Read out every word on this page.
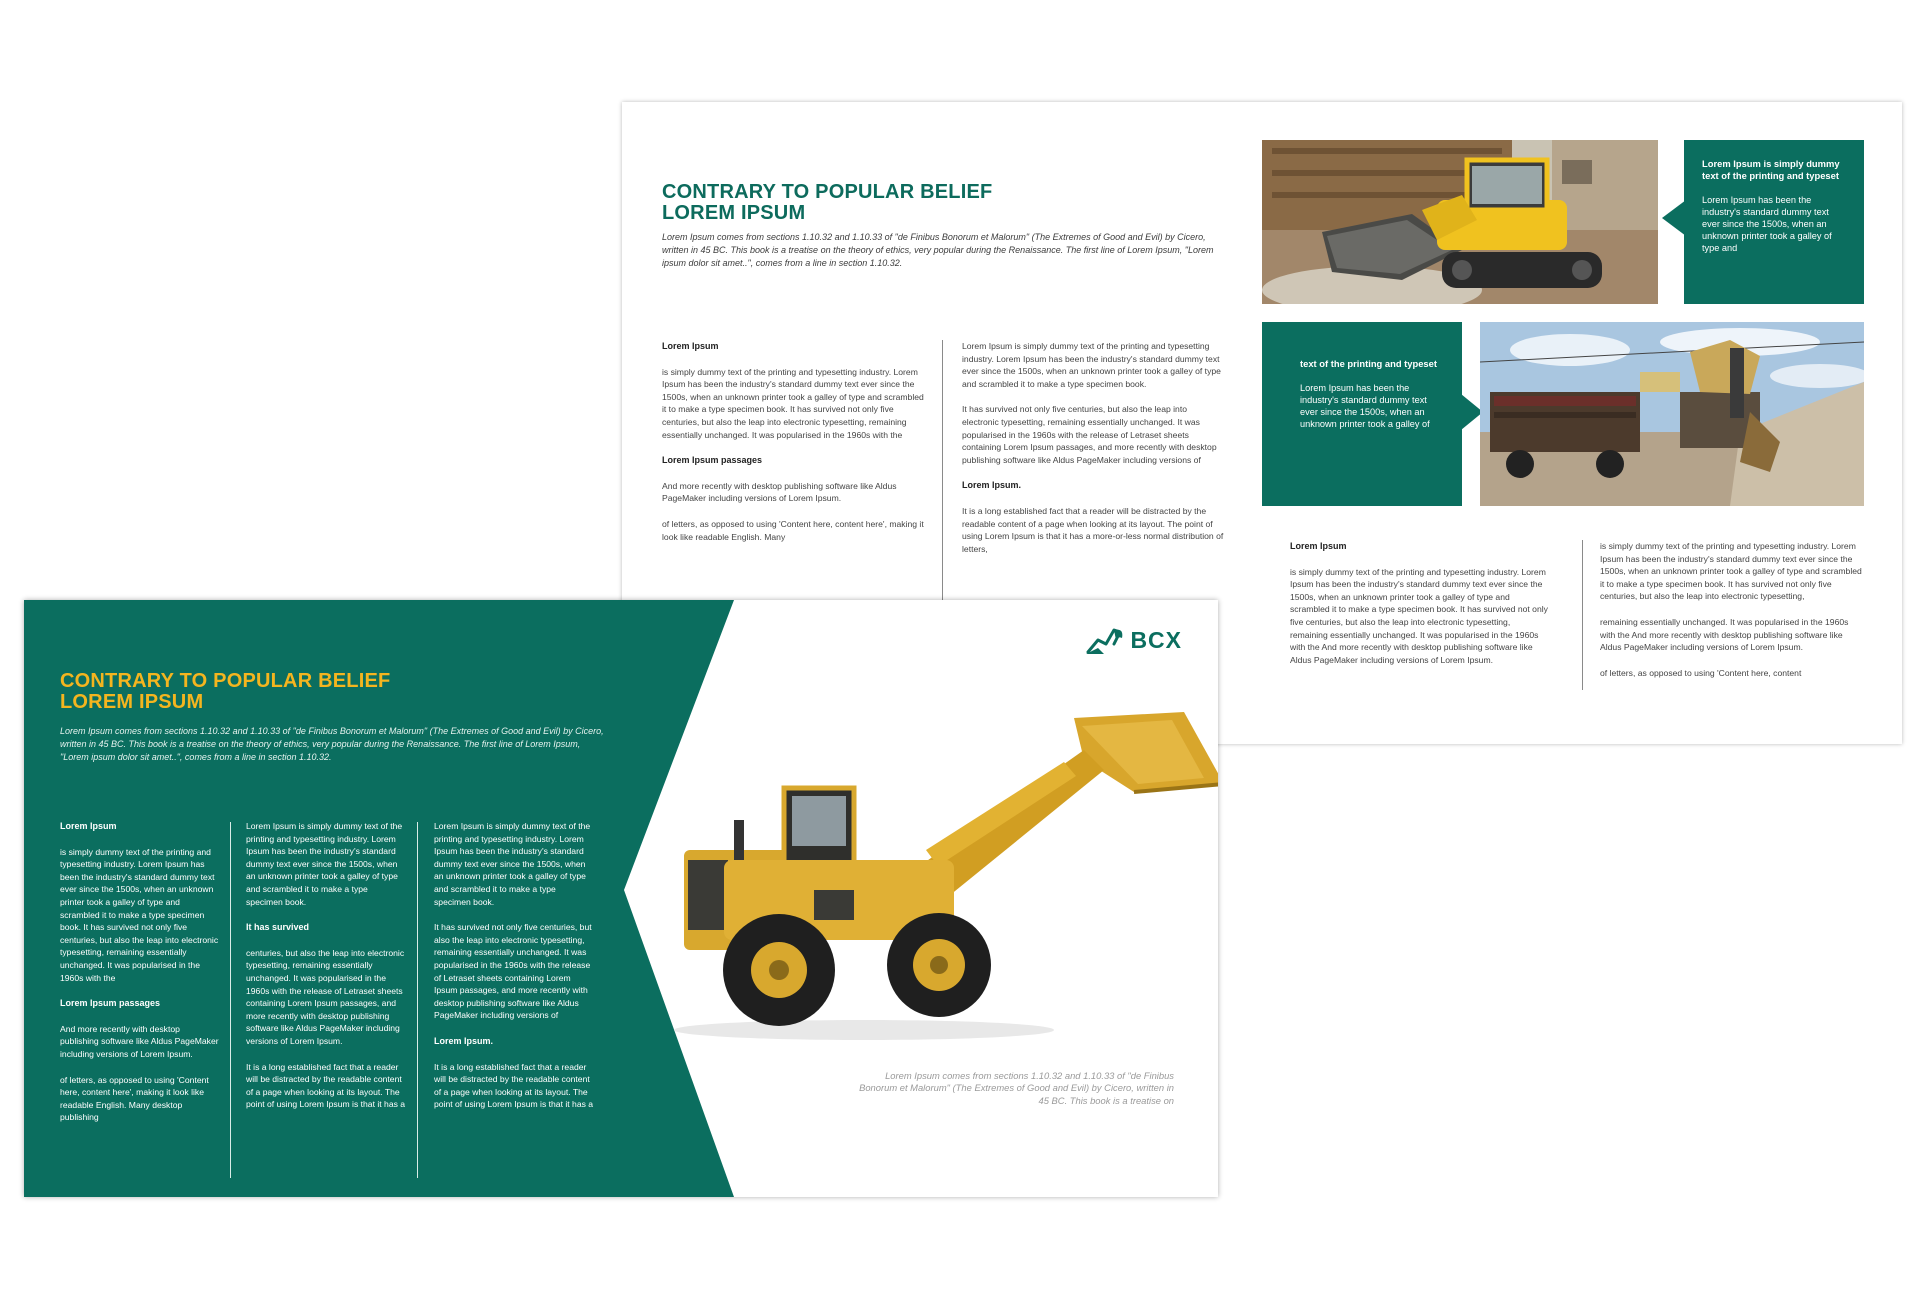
CONTRARY TO POPULAR BELIEF
LOREM IPSUM

Lorem Ipsum comes from sections 1.10.32 and 1.10.33 of "de Finibus Bonorum et Malorum" (The Extremes of Good and Evil) by Cicero, written in 45 BC. This book is a treatise on the theory of ethics, very popular during the Renaissance. The first line of Lorem Ipsum, "Lorem ipsum dolor sit amet..", comes from a line in section 1.10.32.

Lorem Ipsum

is simply dummy text of the printing and typesetting industry. Lorem Ipsum has been the industry's standard dummy text ever since the 1500s, when an unknown printer took a galley of type and scrambled it to make a type specimen book. It has survived not only five centuries, but also the leap into electronic typesetting, remaining essentially unchanged. It was popularised in the 1960s with the

Lorem Ipsum passages

And more recently with desktop publishing software like Aldus PageMaker including versions of Lorem Ipsum.

of letters, as opposed to using 'Content here, content here', making it look like readable English. Many

Lorem Ipsum is simply dummy text of the printing and typesetting industry. Lorem Ipsum has been the industry's standard dummy text ever since the 1500s, when an unknown printer took a galley of type and scrambled it to make a type specimen book.

It has survived not only five centuries, but also the leap into electronic typesetting, remaining essentially unchanged. It was popularised in the 1960s with the release of Letraset sheets containing Lorem Ipsum passages, and more recently with desktop publishing software like Aldus PageMaker including versions of

Lorem Ipsum.

It is a long established fact that a reader will be distracted by the readable content of a page when looking at its layout. The point of using Lorem Ipsum is that it has a more-or-less normal distribution of letters,

Lorem Ipsum is simply dummy text of the printing and typeset

Lorem Ipsum has been the industry's standard dummy text ever since the 1500s, when an unknown printer took a galley of type and

text of the printing and typeset

Lorem Ipsum has been the industry's standard dummy text ever since the 1500s, when an unknown printer took a galley of

Lorem Ipsum

is simply dummy text of the printing and typesetting industry. Lorem Ipsum has been the industry's standard dummy text ever since the 1500s, when an unknown printer took a galley of type and scrambled it to make a type specimen book. It has survived not only five centuries, but also the leap into electronic typesetting, remaining essentially unchanged. It was popularised in the 1960s with the And more recently with desktop publishing software like Aldus PageMaker including versions of Lorem Ipsum.

is simply dummy text of the printing and typesetting industry. Lorem Ipsum has been the industry's standard dummy text ever since the 1500s, when an unknown printer took a galley of type and scrambled it to make a type specimen book. It has survived not only five centuries, but also the leap into electronic typesetting,

remaining essentially unchanged. It was popularised in the 1960s with the And more recently with desktop publishing software like Aldus PageMaker including versions of Lorem Ipsum.

of letters, as opposed to using 'Content here, content

CONTRARY TO POPULAR BELIEF
LOREM IPSUM

Lorem Ipsum comes from sections 1.10.32 and 1.10.33 of "de Finibus Bonorum et Malorum" (The Extremes of Good and Evil) by Cicero, written in 45 BC. This book is a treatise on the theory of ethics, very popular during the Renaissance. The first line of Lorem Ipsum, "Lorem ipsum dolor sit amet..", comes from a line in section 1.10.32.

Lorem Ipsum

is simply dummy text of the printing and typesetting industry. Lorem Ipsum has been the industry's standard dummy text ever since the 1500s, when an unknown printer took a galley of type and scrambled it to make a type specimen book. It has survived not only five centuries, but also the leap into electronic typesetting, remaining essentially unchanged. It was popularised in the 1960s with the

Lorem Ipsum passages

And more recently with desktop publishing software like Aldus PageMaker including versions of Lorem Ipsum.

of letters, as opposed to using 'Content here, content here', making it look like readable English. Many desktop publishing

Lorem Ipsum is simply dummy text of the printing and typesetting industry. Lorem Ipsum has been the industry's standard dummy text ever since the 1500s, when an unknown printer took a galley of type and scrambled it to make a type specimen book.

It has survived

centuries, but also the leap into electronic typesetting, remaining essentially unchanged. It was popularised in the 1960s with the release of Letraset sheets containing Lorem Ipsum passages, and more recently with desktop publishing software like Aldus PageMaker including versions of Lorem Ipsum.

It is a long established fact that a reader will be distracted by the readable content of a page when looking at its layout. The point of using Lorem Ipsum is that it has a

Lorem Ipsum is simply dummy text of the printing and typesetting industry. Lorem Ipsum has been the industry's standard dummy text ever since the 1500s, when an unknown printer took a galley of type and scrambled it to make a type specimen book.

It has survived not only five centuries, but also the leap into electronic typesetting, remaining essentially unchanged. It was popularised in the 1960s with the release of Letraset sheets containing Lorem Ipsum passages, and more recently with desktop publishing software like Aldus PageMaker including versions of

Lorem Ipsum.

It is a long established fact that a reader will be distracted by the readable content of a page when looking at its layout. The point of using Lorem Ipsum is that it has a

BCX

Lorem Ipsum comes from sections 1.10.32 and 1.10.33 of "de Finibus Bonorum et Malorum" (The Extremes of Good and Evil) by Cicero, written in 45 BC. This book is a treatise on
